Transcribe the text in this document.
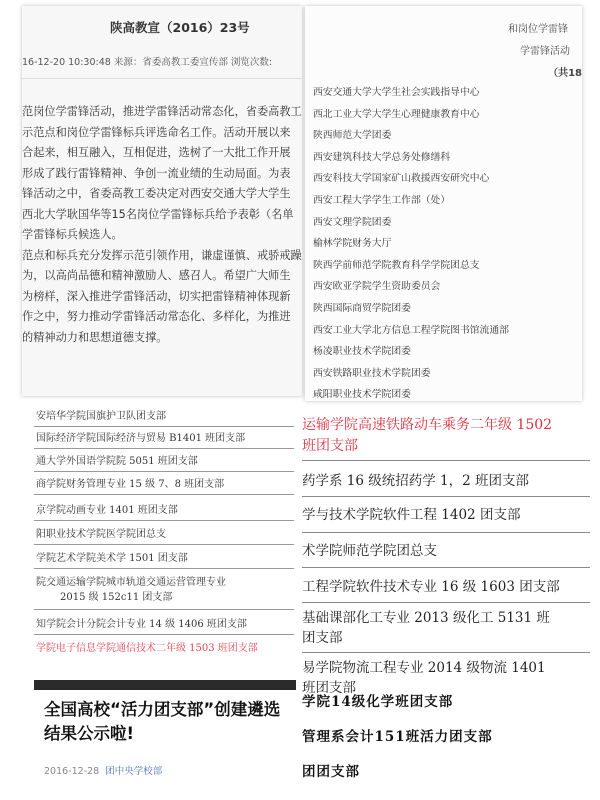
陕高教宣（2016）23号
16-12-20 10:30:48 来源：省委高教工委宣传部 浏览次数:
范岗位学雷锋活动，推进学雷锋活动常态化，省委高教工
示范点和岗位学雷锋标兵评选命名工作。活动开展以来
合起来，相互融入，互相促进，选树了一大批工作开展
形成了践行雷锋精神、争创一流业绩的生动局面。为表
锋活动之中，省委高教工委决定对西安交通大学大学生
西北大学耿国华等15名岗位学雷锋标兵给予表彰（名单
学雷锋标兵候选人。
范点和标兵充分发挥示范引领作用，谦虚谨慎、戒骄戒躁
为，以高尚品德和精神激励人、感召人。希望广大师生
为榜样，深入推进学雷锋活动，切实把雷锋精神体现新
作之中，努力推动学雷锋活动常态化、多样化，为推进
的精神动力和思想道德支撑。
和岗位学雷锋
学雷锋活动
（共18
西安交通大学大学生社会实践指导中心
西北工业大学大学生心理健康教育中心
陕西师范大学团委
西安建筑科技大学总务处修缮科
西安科技大学国家矿山救援西安研究中心
西安工程大学学生工作部（处）
西安文理学院团委
榆林学院财务大厅
陕西学前师范学院教育科学学院团总支
西安欧亚学院学生资助委员会
陕西国际商贸学院团委
西安工业大学北方信息工程学院图书馆流通部
杨凌职业技术学院团委
西安铁路职业技术学院团委
咸阳职业技术学院团委
安培华学院国旗护卫队团支部
国际经济学院国际经济与贸易 B1401 班团支部
通大学外国语学院院 5051 班团支部
商学院财务管理专业 15 级 7、8 班团支部
京学院动画专业 1401 班团支部
阳职业技术学院医学院团总支
学院艺术学院美术学 1501 团支部
院交通运输学院城市轨道交通运营管理专业
2015 级 152c11 团支部
知学院会计分院会计专业 14 级 1406 班团支部
学院电子信息学院通信技术二年级 1503 班团支部
全国高校“活力团支部”创建遴选
结果公示啦!
2016-12-28 团中央学校部
运输学院高速铁路动车乘务二年级 1502
班团支部
药学系 16 级统招药学 1，2 班团支部
学与技术学院软件工程 1402 团支部
术学院师范学院团总支
工程学院软件技术专业 16 级 1603 团支部
基础课部化工专业 2013 级化工 5131 班
团支部
易学院物流工程专业 2014 级物流 1401
班团支部
学院14级化学班团支部
管理系会计151班活力团支部
团团支部
